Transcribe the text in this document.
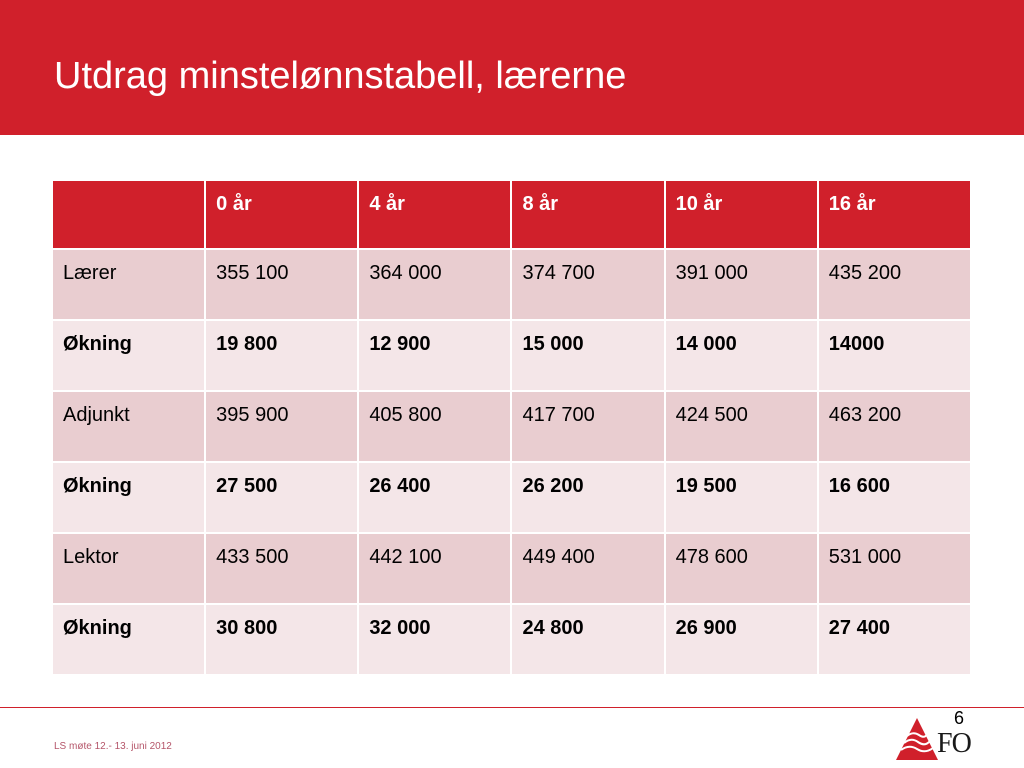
Utdrag minstelønnstabell, lærerne
	0 år	4 år	8 år	10 år	16 år
Lærer	355 100	364 000	374 700	391 000	435 200
Økning	19 800	12 900	15 000	14 000	14000
Adjunkt	395 900	405 800	417 700	424 500	463 200
Økning	27 500	26 400	26 200	19 500	16 600
Lektor	433 500	442 100	449 400	478 600	531 000
Økning	30 800	32 000	24 800	26 900	27 400
6
LS møte 12.- 13. juni 2012	FO
